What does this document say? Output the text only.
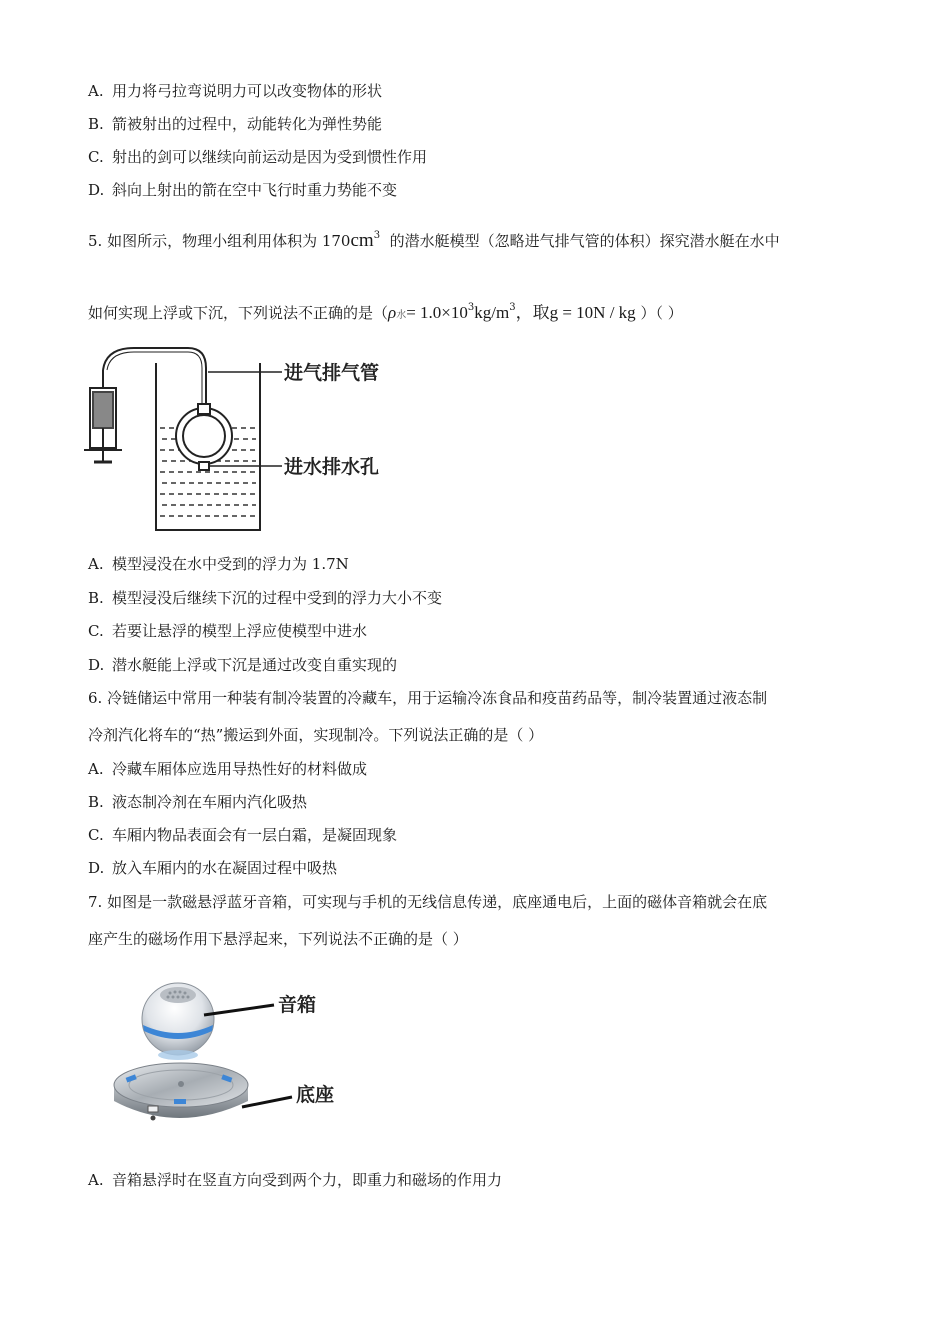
A. 用力将弓拉弯说明力可以改变物体的形状
B. 箭被射出的过程中，动能转化为弹性势能
C. 射出的剑可以继续向前运动是因为受到惯性作用
D. 斜向上射出的箭在空中飞行时重力势能不变
5. 如图所示，物理小组利用体积为 $170cm^3$ 的潜水艇模型（忽略进气排气管的体积）探究潜水艇在水中
如何实现上浮或下沉，下列说法不正确的是（ρ水= $1.0\times 10^3kg/m^3$，取g = 10N / kg ）（ ）
进气排气管
进水排水孔
A. 模型浸没在水中受到的浮力为 1.7N
B. 模型浸没后继续下沉的过程中受到的浮力大小不变
C. 若要让悬浮的模型上浮应使模型中进水
D. 潜水艇能上浮或下沉是通过改变自重实现的
6. 冷链储运中常用一种装有制冷装置的冷藏车，用于运输冷冻食品和疫苗药品等，制冷装置通过液态制
冷剂汽化将车的“热”搬运到外面，实现制冷。下列说法正确的是（ ）
A. 冷藏车厢体应选用导热性好的材料做成
B. 液态制冷剂在车厢内汽化吸热
C. 车厢内物品表面会有一层白霜，是凝固现象
D. 放入车厢内的水在凝固过程中吸热
7. 如图是一款磁悬浮蓝牙音箱，可实现与手机的无线信息传递，底座通电后，上面的磁体音箱就会在底
座产生的磁场作用下悬浮起来，下列说法不正确的是（ ）
音箱
底座
A. 音箱悬浮时在竖直方向受到两个力，即重力和磁场的作用力
